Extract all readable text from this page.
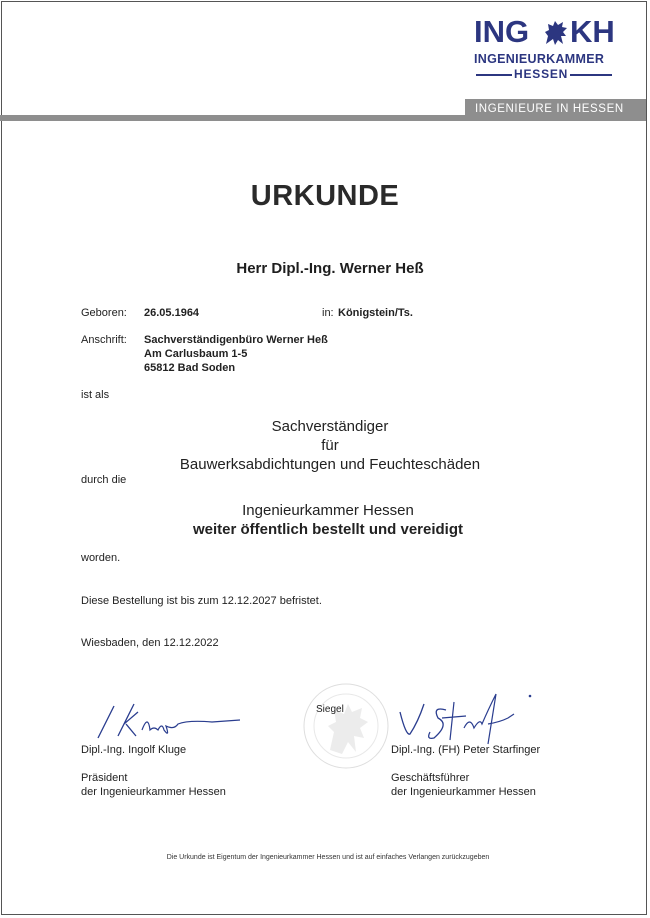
ING KH
INGENIEURKAMMER
HESSEN
INGENIEURE IN HESSEN
URKUNDE
Herr Dipl.-Ing. Werner Heß
Geboren: 26.05.1964	in: Königstein/Ts.
Anschrift: Sachverständigenbüro Werner Heß
Am Carlusbaum 1-5
65812 Bad Soden
ist als
Sachverständiger
für
Bauwerksabdichtungen und Feuchteschäden
durch die
Ingenieurkammer Hessen
weiter öffentlich bestellt und vereidigt
worden.
Diese Bestellung ist bis zum 12.12.2027 befristet.
Wiesbaden, den 12.12.2022
Dipl.-Ing. Ingolf Kluge
Präsident
der Ingenieurkammer Hessen
Siegel
Dipl.-Ing. (FH) Peter Starfinger
Geschäftsführer
der Ingenieurkammer Hessen
Die Urkunde ist Eigentum der Ingenieurkammer Hessen und ist auf einfaches Verlangen zurückzugeben
